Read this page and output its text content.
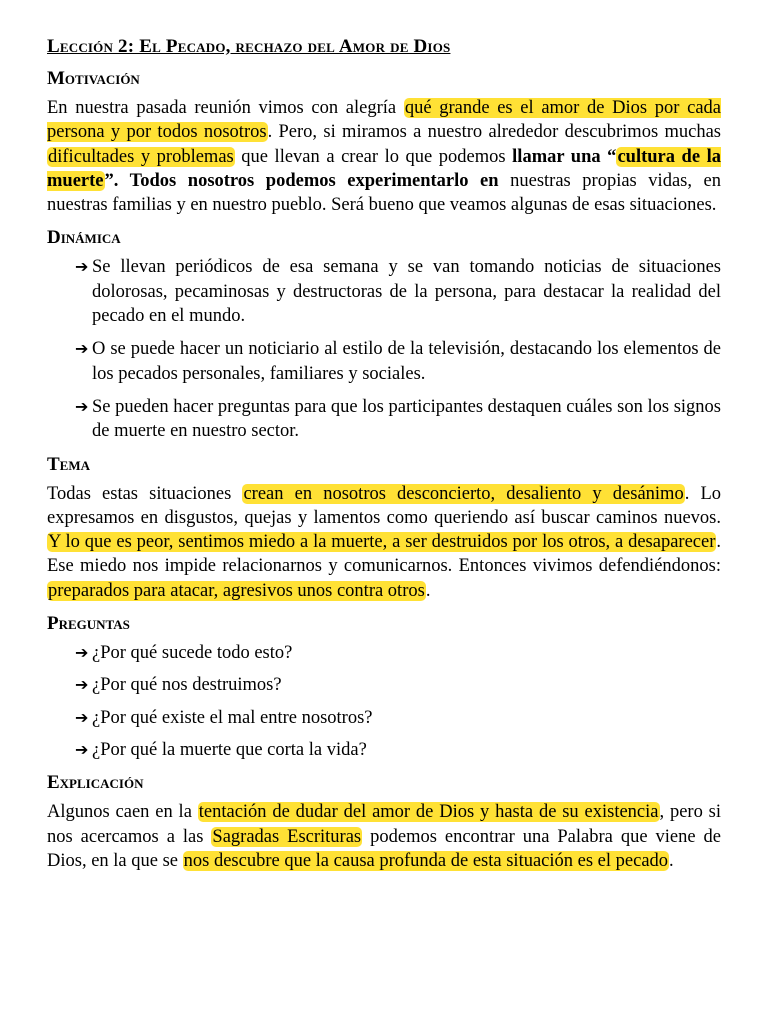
Lección 2: El Pecado, rechazo del Amor de Dios
Motivación

En nuestra pasada reunión vimos con alegría qué grande es el amor de Dios por cada persona y por todos nosotros. Pero, si miramos a nuestro alrededor descubrimos muchas dificultades y problemas que llevan a crear lo que podemos llamar una “cultura de la muerte”. Todos nosotros podemos experimentarlo en nuestras propias vidas, en nuestras familias y en nuestro pueblo. Será bueno que veamos algunas de esas situaciones.

Dinámica
➔ Se llevan periódicos de esa semana y se van tomando noticias de situaciones dolorosas, pecaminosas y destructoras de la persona, para destacar la realidad del pecado en el mundo.
➔ O se puede hacer un noticiario al estilo de la televisión, destacando los elementos de los pecados personales, familiares y sociales.
➔ Se pueden hacer preguntas para que los participantes destaquen cuáles son los signos de muerte en nuestro sector.
Tema

Todas estas situaciones crean en nosotros desconcierto, desaliento y desánimo. Lo expresamos en disgustos, quejas y lamentos como queriendo así buscar caminos nuevos. Y lo que es peor, sentimos miedo a la muerte, a ser destruidos por los otros, a desaparecer. Ese miedo nos impide relacionarnos y comunicarnos. Entonces vivimos defendiéndonos: preparados para atacar, agresivos unos contra otros.

Preguntas
➔ ¿Por qué sucede todo esto?
➔ ¿Por qué nos destruimos?
➔ ¿Por qué existe el mal entre nosotros?
➔ ¿Por qué la muerte que corta la vida?
Explicación

Algunos caen en la tentación de dudar del amor de Dios y hasta de su existencia, pero si nos acercamos a las Sagradas Escrituras podemos encontrar una Palabra que viene de Dios, en la que se nos descubre que la causa profunda de esta situación es el pecado.
